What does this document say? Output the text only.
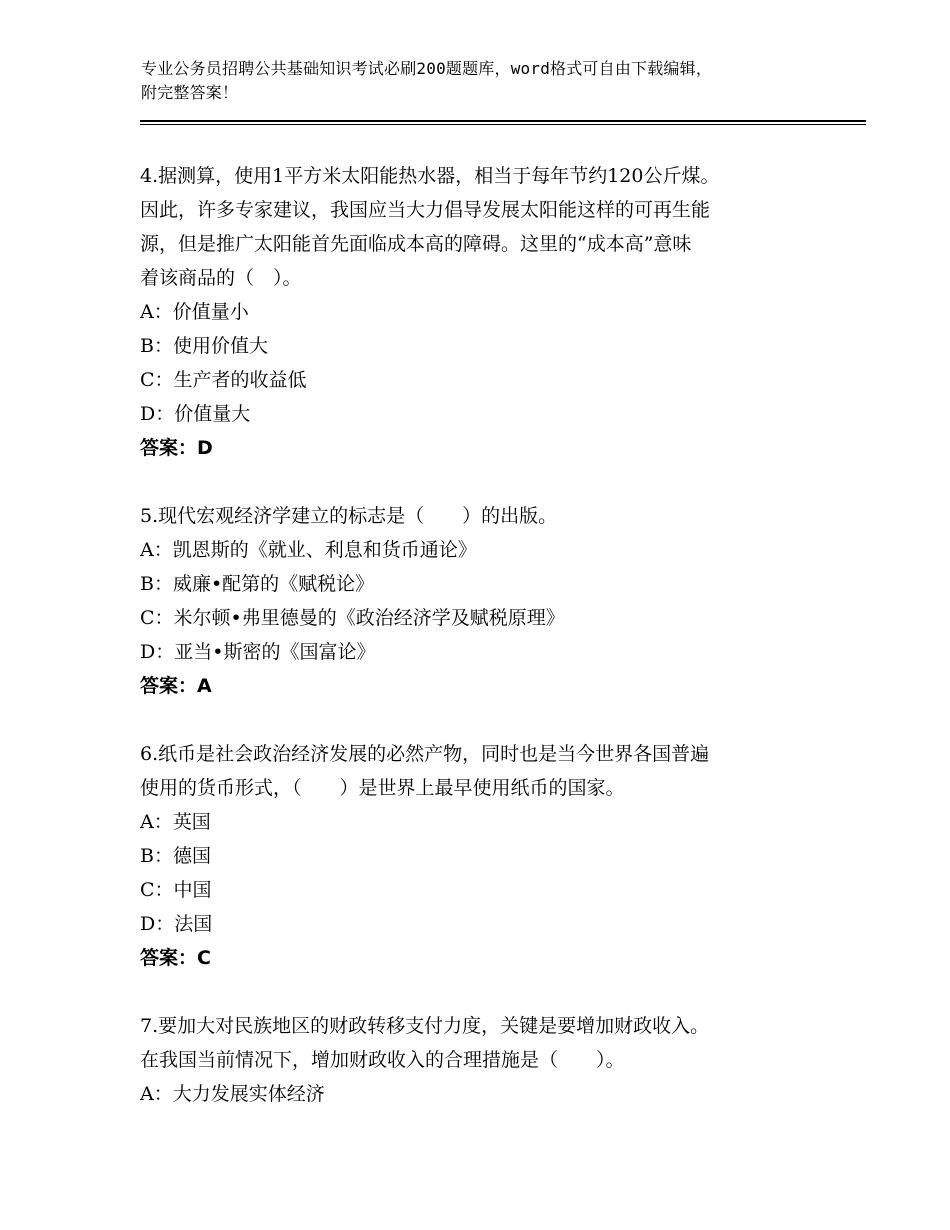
专业公务员招聘公共基础知识考试必刷200题题库，word格式可自由下载编辑，
附完整答案！
4.据测算，使用1平方米太阳能热水器，相当于每年节约120公斤煤。
因此，许多专家建议，我国应当大力倡导发展太阳能这样的可再生能
源，但是推广太阳能首先面临成本高的障碍。这里的“成本高”意味
着该商品的（　）。
A：价值量小
B：使用价值大
C：生产者的收益低
D：价值量大
答案：D
5.现代宏观经济学建立的标志是（　　）的出版。
A：凯恩斯的《就业、利息和货币通论》
B：威廉•配第的《赋税论》
C：米尔顿•弗里德曼的《政治经济学及赋税原理》
D：亚当•斯密的《国富论》
答案：A
6.纸币是社会政治经济发展的必然产物，同时也是当今世界各国普遍
使用的货币形式，（　　）是世界上最早使用纸币的国家。
A：英国
B：德国
C：中国
D：法国
答案：C
7.要加大对民族地区的财政转移支付力度，关键是要增加财政收入。
在我国当前情况下，增加财政收入的合理措施是（　　）。
A：大力发展实体经济
